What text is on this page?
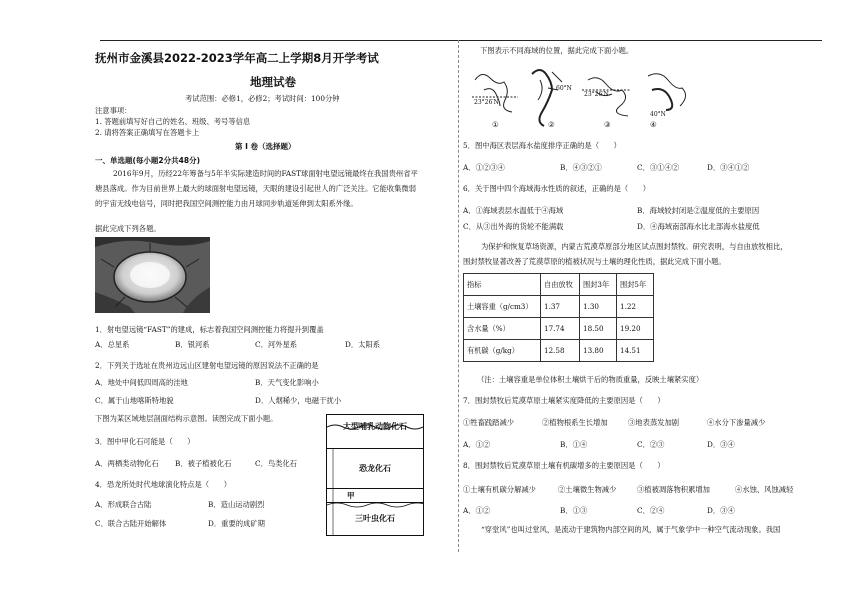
抚州市金溪县2022-2023学年高二上学期8月开学考试
地理试卷
考试范围：必修1，必修2；考试时间：100分钟
注意事项：
1. 答题前填写好自己的姓名、班级、考号等信息
2. 请将答案正确填写在答题卡上
第 I 卷（选择题）
一、单选题(每小题2分共48分)
2016年9月，历经22年筹备与5年半实际建造时间的FAST球面射电望远镜最终在我国贵州省平
塘县落成。作为目前世界上最大的球面射电望远镜，天眼的建设引起世人的广泛关注。它能收集微弱
的宇宙无线电信号，同时把我国空间测控能力由月球同步轨道延伸到太阳系外缘。
据此完成下列各题。
1．射电望远镜“FAST”的建成，标志着我国空间测控能力将提升到覆盖
A．总星系	B．银河系	C．河外星系	D．太阳系
2．下列关于选址在贵州边远山区建射电望远镜的原因说法不正确的是
A．地处中间低四周高的洼地	B．天气变化影响小
C．属于山地喀斯特地貌	D．人烟稀少，电磁干扰小
下图为某区域地层剖面结构示意图。读图完成下面小题。
3．图中甲化石可能是（　　）
A．两栖类动物化石 B．被子植被化石	C．鸟类化石
4．恐龙所处时代地球演化特点是（　　）
A．形成联合古陆	B．造山运动剧烈
C．联合古陆开始解体	D．重要的成矿期
大型哺乳动物化石
恐龙化石
甲
三叶虫化石
下图表示不同海域的位置，据此完成下面小题。
23°26′N
60°N
23°26′N
40°N
①	②	③	④
5．图中海区表层海水盐度排序正确的是（　　）
A．①②③④	B．④③②①	C．③①④②	D．③④①②
6．关于图中四个海域海水性质的叙述，正确的是（　　）
A．①海域表层水温低于④海域	B．海域较封闭是②温度低的主要原因
C．从③出外海的货轮不能满载	D．④海域南部海水比北部海水盐度低
为保护和恢复草场资源，内蒙古荒漠草原部分地区试点围封禁牧。研究表明，与自由放牧相比，
围封禁牧显著改善了荒漠草原的植被状况与土壤的理化性质，据此完成下面小题。
指标	自由放牧	围封3年	围封5年
土壤容重（g/cm3）	1.37	1.30	1.22
含水量（%）	17.74	18.50	19.20
有机碳（g/kg）	12.58	13.80	14.51
（注：土壤容重是单位体积土壤烘干后的物质重量，反映土壤紧实度）
7．围封禁牧后荒漠草原土壤紧实度降低的主要原因是（　　）
①牲畜践踏减少	②植物根系生长增加	③地表蒸发加剧	④水分下渗量减少
A．①②	B．①④	C．②③	D．③④
8．围封禁牧后荒漠草原土壤有机碳增多的主要原因是（　　）
①土壤有机碳分解减少	②土壤微生物减少	③植被凋落物积累增加	④水蚀、风蚀减轻
A．①②	B．①③	C．②④	D．③④
“穿堂风”也叫过堂风，是流动于建筑物内部空间的风，属于气象学中一种空气流动现象。我国
